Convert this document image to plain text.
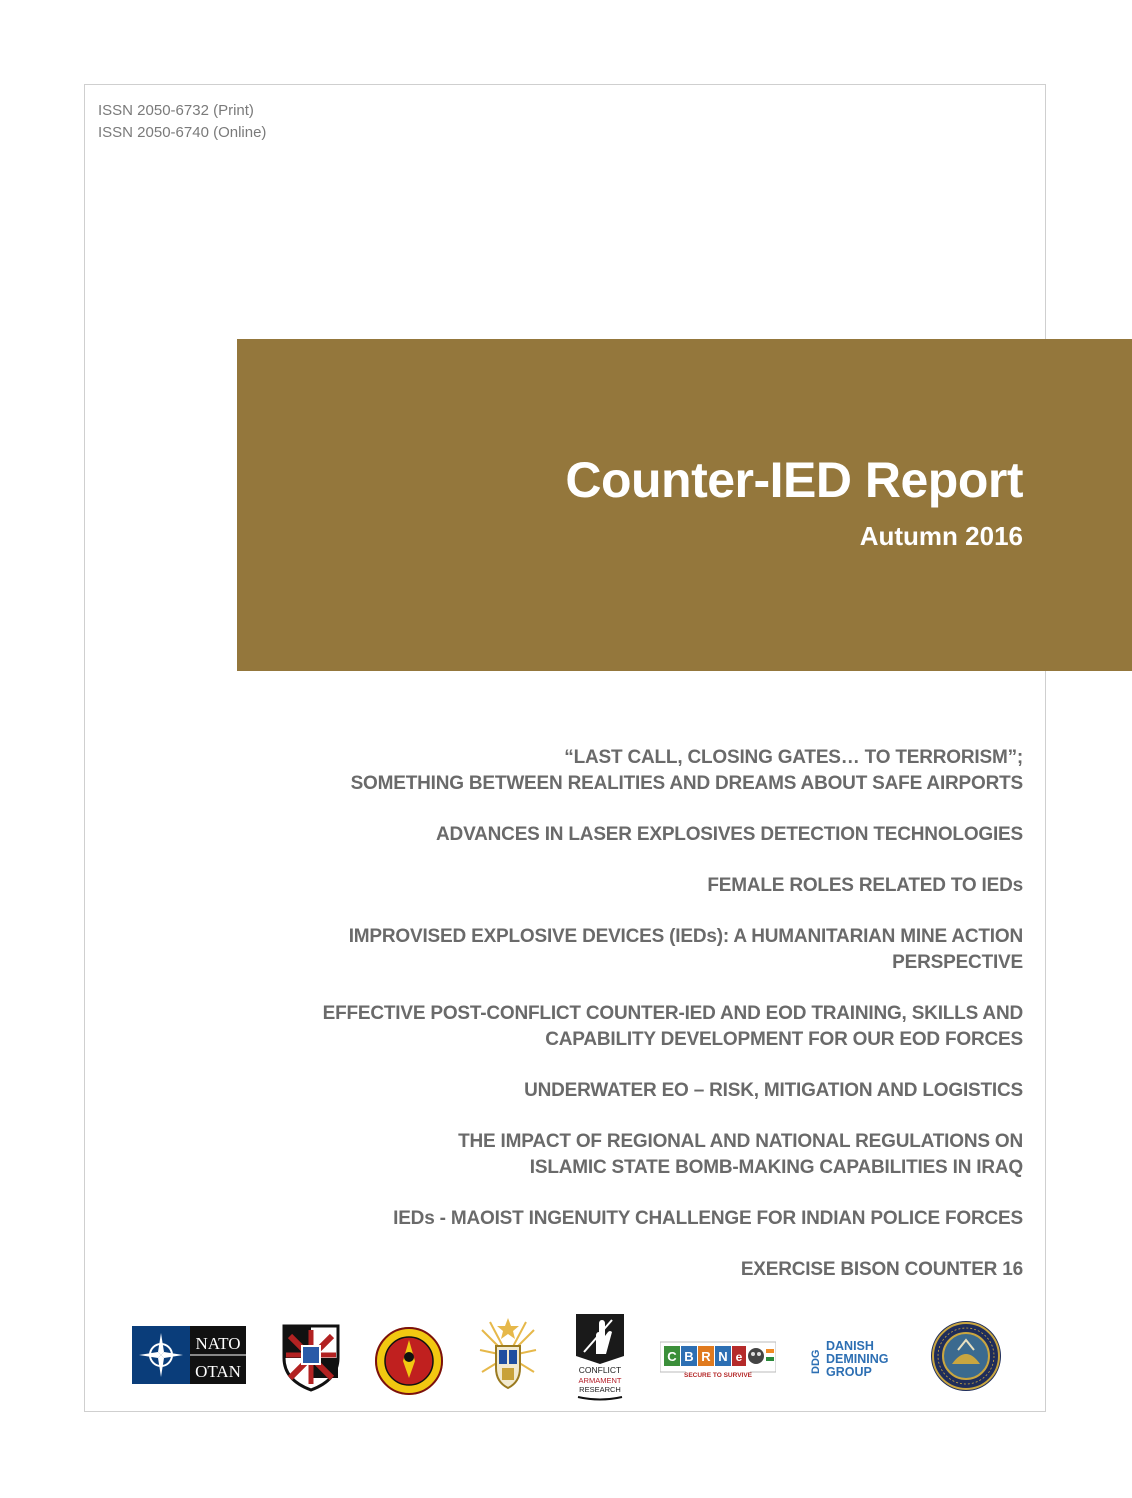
ISSN 2050-6732 (Print)
ISSN 2050-6740 (Online)
Counter-IED Report
Autumn 2016
“LAST CALL, CLOSING GATES… TO TERRORISM”;
SOMETHING BETWEEN REALITIES AND DREAMS ABOUT SAFE AIRPORTS
ADVANCES IN LASER EXPLOSIVES DETECTION TECHNOLOGIES
FEMALE ROLES RELATED TO IEDs
IMPROVISED EXPLOSIVE DEVICES (IEDs): A HUMANITARIAN MINE ACTION PERSPECTIVE
EFFECTIVE POST-CONFLICT COUNTER-IED AND EOD TRAINING, SKILLS AND
CAPABILITY DEVELOPMENT FOR OUR EOD FORCES
UNDERWATER EO – RISK, MITIGATION AND LOGISTICS
THE IMPACT OF REGIONAL AND NATIONAL REGULATIONS ON
ISLAMIC STATE BOMB-MAKING CAPABILITIES IN IRAQ
IEDs - MAOIST INGENUITY CHALLENGE FOR INDIAN POLICE FORCES
EXERCISE BISON COUNTER 16
NATO
OTAN	CONFLICT
ARMAMENT
RESEARCH
C B R N e
SECURE TO SURVIVE
DDG
DANISH
DEMINING
GROUP
